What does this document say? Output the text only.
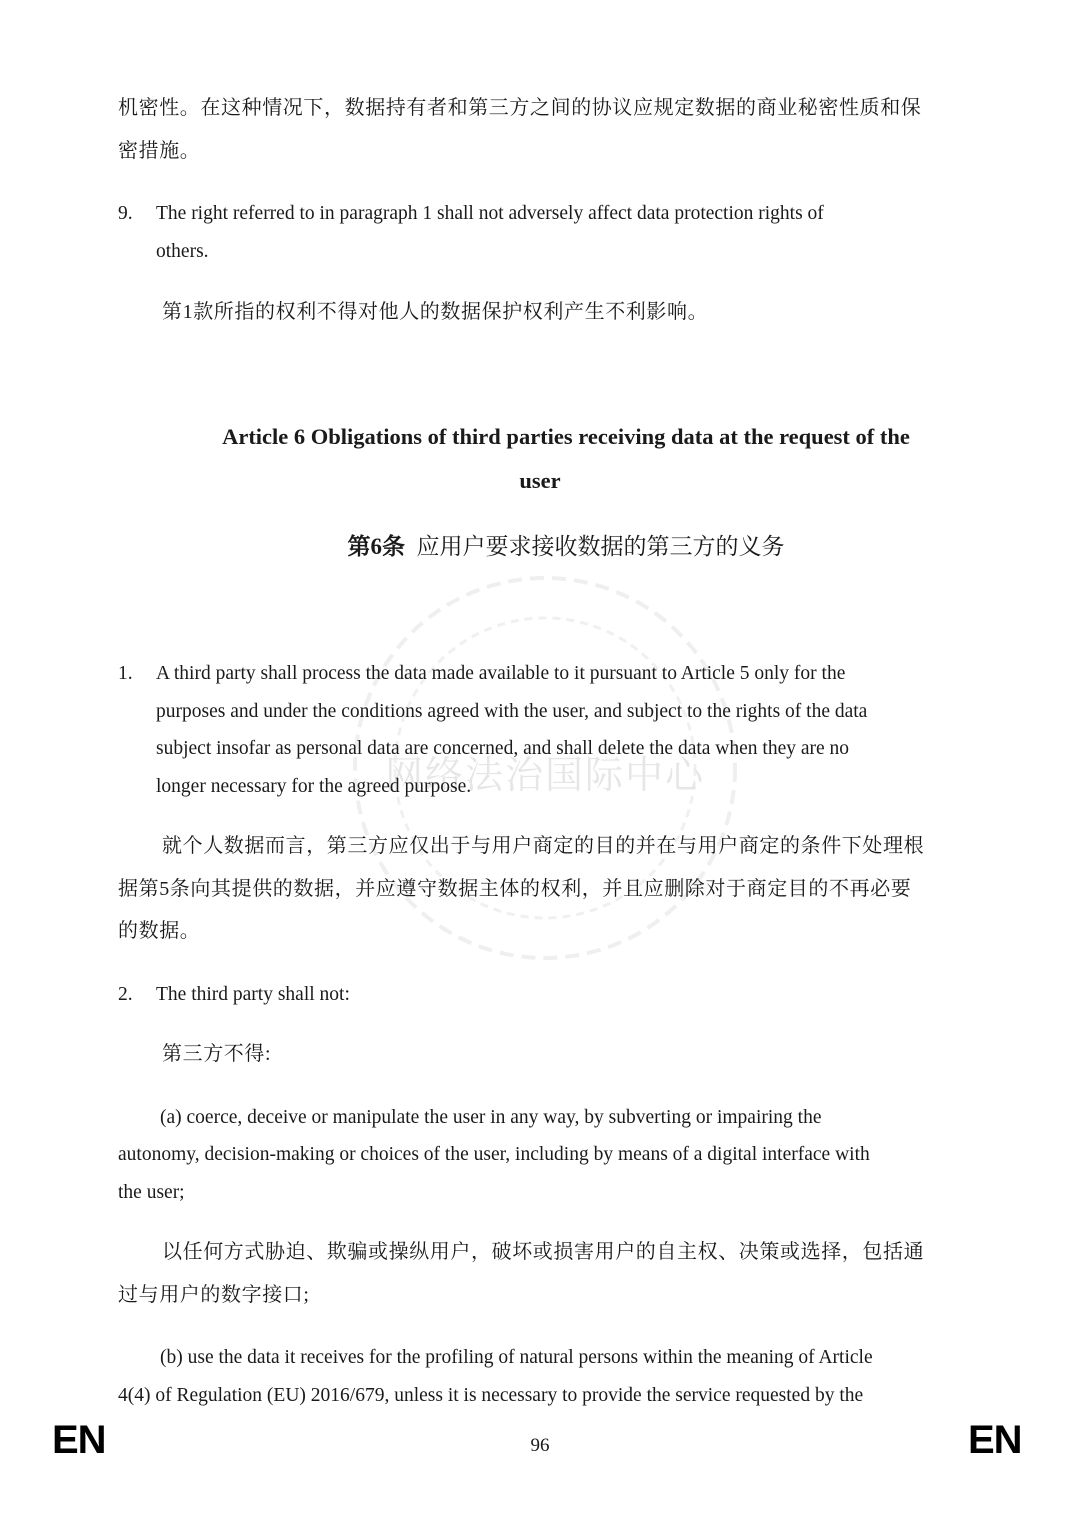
网络法治国际中心
机密性。在这种情况下，数据持有者和第三方之间的协议应规定数据的商业秘密性质和保
密措施。
9. The right referred to in paragraph 1 shall not adversely affect data protection rights of
others.
第1款所指的权利不得对他人的数据保护权利产生不利影响。
Article 6 Obligations of third parties receiving data at the request of the
user
第6条 应用户要求接收数据的第三方的义务
1. A third party shall process the data made available to it pursuant to Article 5 only for the
purposes and under the conditions agreed with the user, and subject to the rights of the data
subject insofar as personal data are concerned, and shall delete the data when they are no
longer necessary for the agreed purpose.
就个人数据而言，第三方应仅出于与用户商定的目的并在与用户商定的条件下处理根
据第5条向其提供的数据，并应遵守数据主体的权利，并且应删除对于商定目的不再必要
的数据。
2. The third party shall not:
第三方不得:
(a) coerce, deceive or manipulate the user in any way, by subverting or impairing the
autonomy, decision-making or choices of the user, including by means of a digital interface with
the user;
以任何方式胁迫、欺骗或操纵用户，破坏或损害用户的自主权、决策或选择，包括通
过与用户的数字接口;
(b) use the data it receives for the profiling of natural persons within the meaning of Article
4(4) of Regulation (EU) 2016/679, unless it is necessary to provide the service requested by the
EN	96	EN
